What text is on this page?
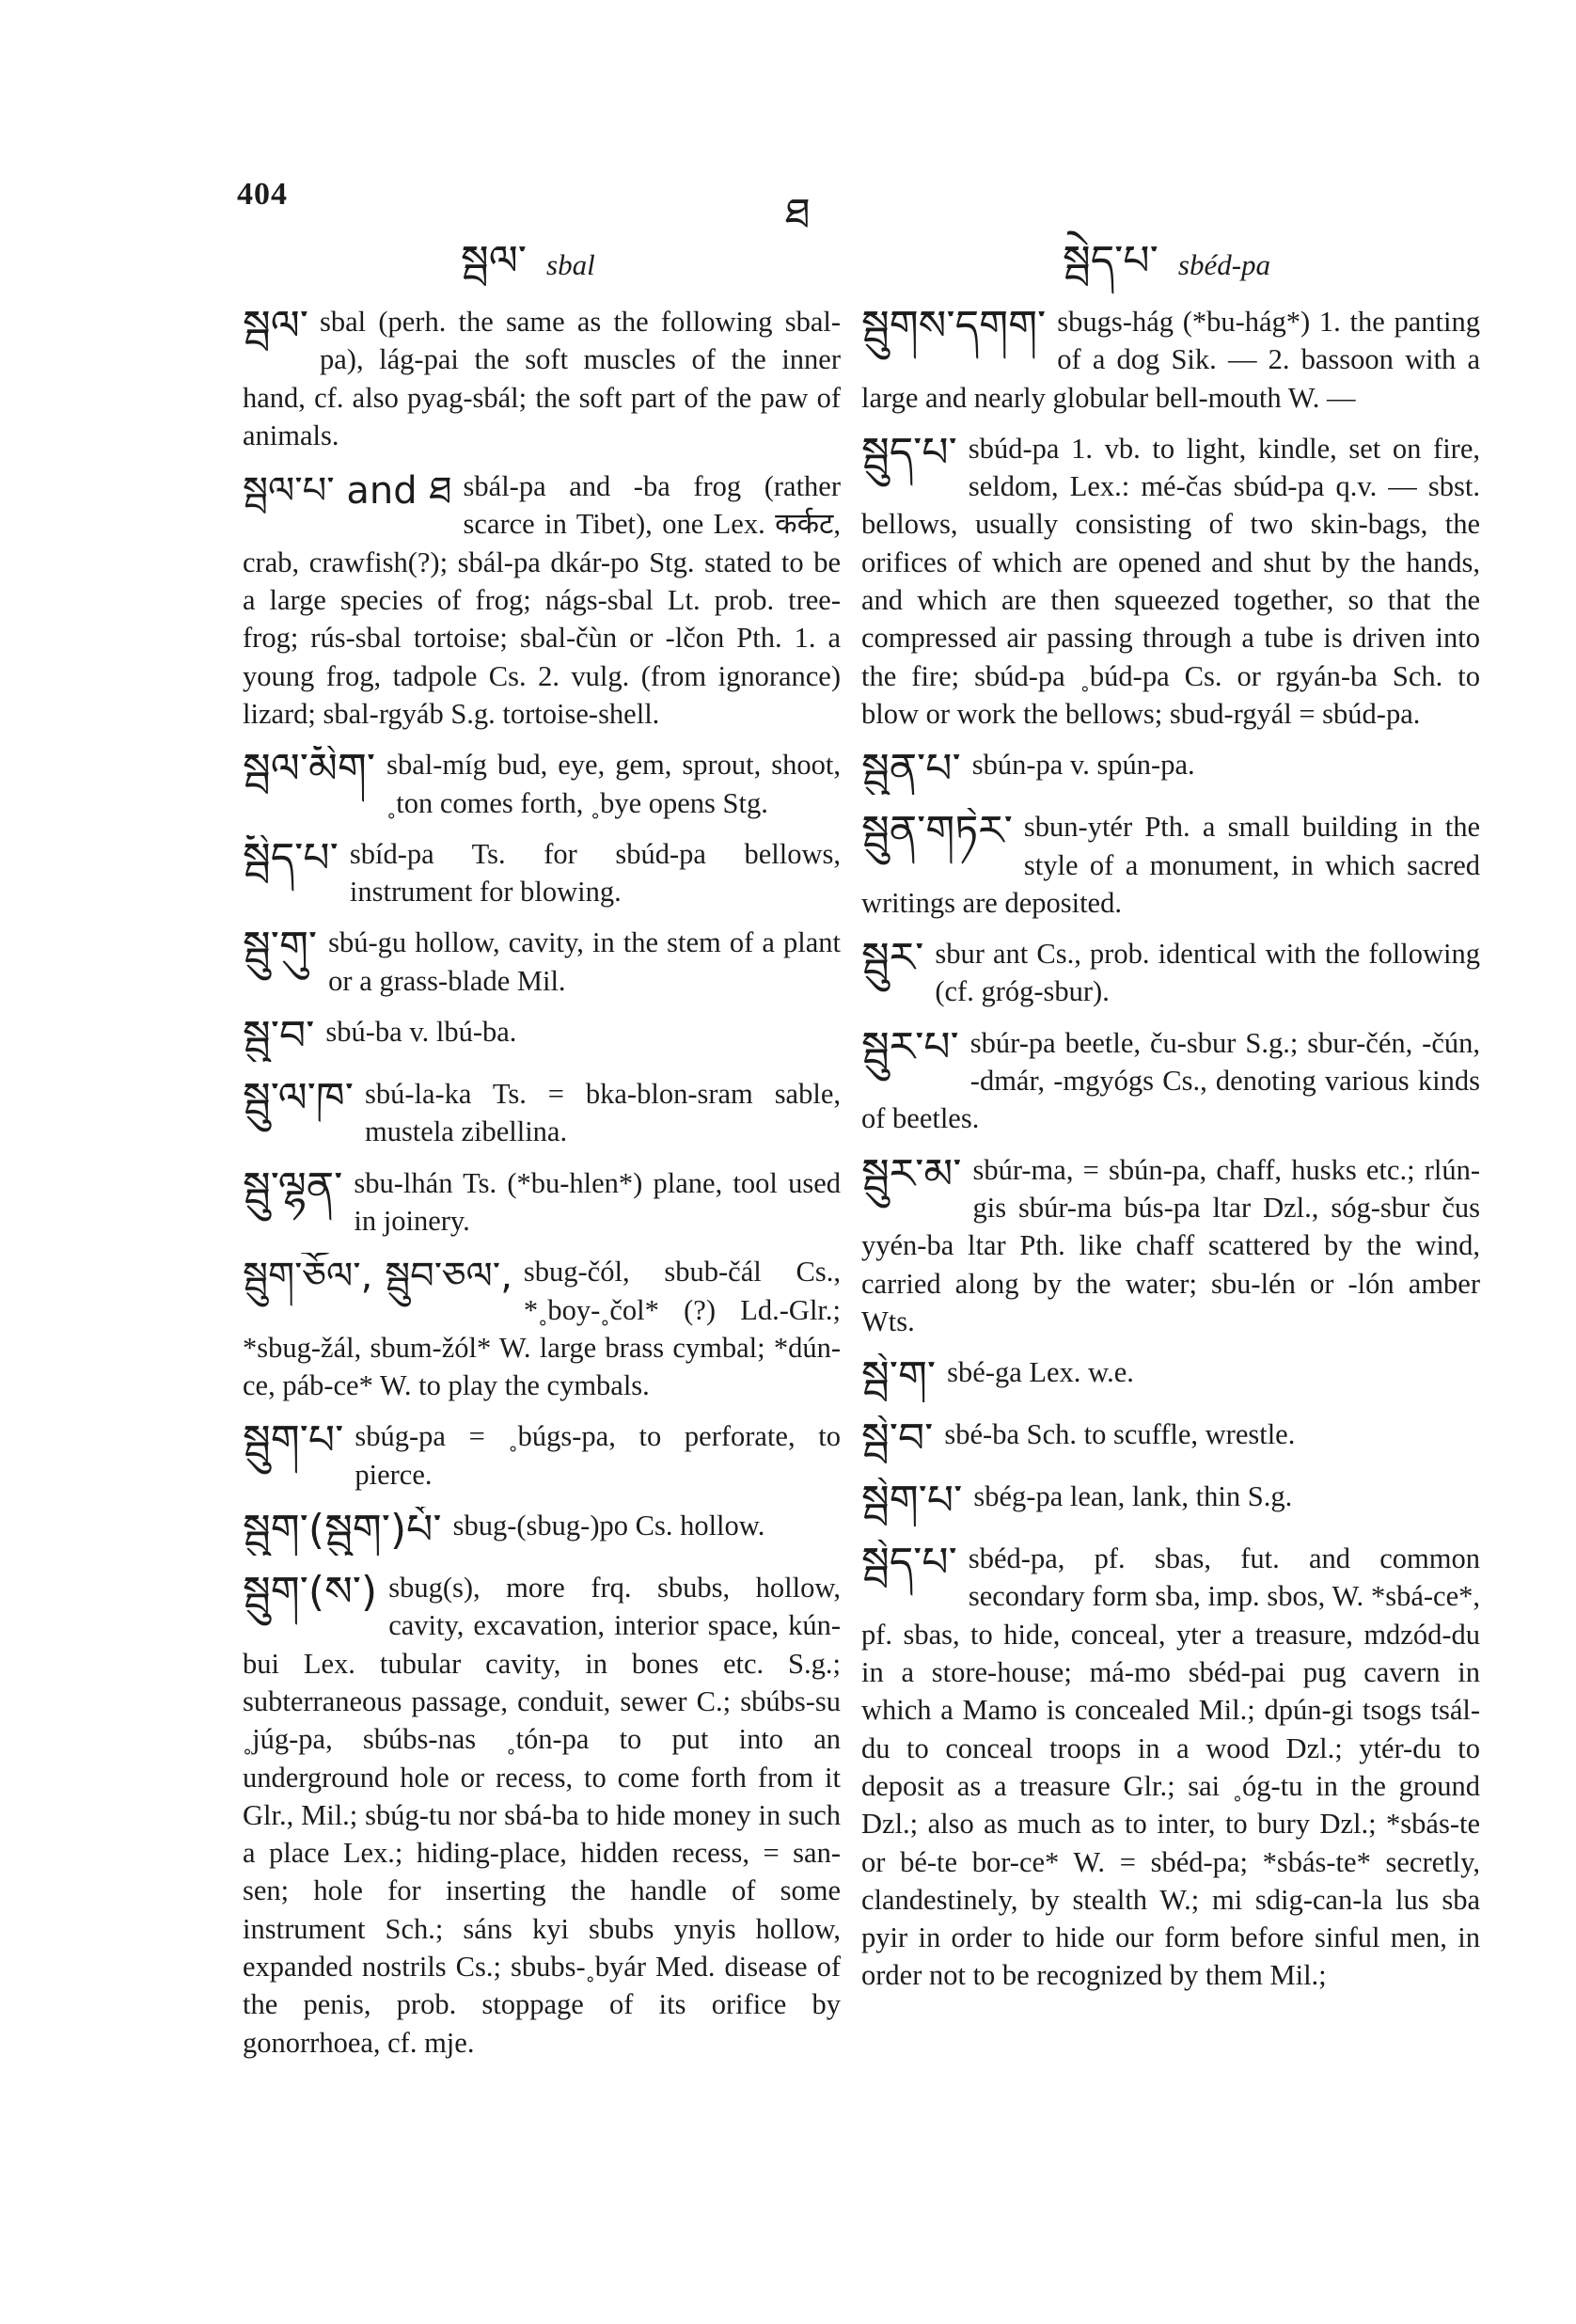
404	ཐ
སྦལ་ sbal	སྦེད་པ་ sbéd-pa
སྦལ་ sbal (perh. the same as the following sbal-pa), lág-pai the soft muscles of the inner hand, cf. also pyag-sbál; the soft part of the paw of animals.
སྦལ་པ་ and ཐ sbál-pa and -ba frog (rather scarce in Tibet), one Lex. कर्कट, crab, crawfish(?); sbál-pa dkár-po Stg. stated to be a large species of frog; nágs-sbal Lt. prob. tree-frog; rús-sbal tortoise; sbal-čùn or -lčon Pth. 1. a young frog, tadpole Cs. 2. vulg. (from ignorance) lizard; sbal-rgyáb S.g. tortoise-shell.
སྦལ་མིག་ sbal-míg bud, eye, gem, sprout, shoot, ˳ton comes forth, ˳bye opens Stg.
སྦིད་པ་ sbíd-pa Ts. for sbúd-pa bellows, instrument for blowing.
སྦུ་གུ་ sbú-gu hollow, cavity, in the stem of a plant or a grass-blade Mil.
སྦུ་བ་ sbú-ba v. lbú-ba.
སྦུ་ལ་ཁ་ sbú-la-ka Ts. = bka-blon-sram sable, mustela zibellina.
སྦུ་ལྷན་ sbu-lhán Ts. (*bu-hlen*) plane, tool used in joinery.
སྦུག་ཅོལ་, སྦུབ་ཅལ་, sbug-čól, sbub-čál Cs., *˳boy-˳čol* (?) Ld.-Glr.; *sbug-žál, sbum-žól* W. large brass cymbal; *dún-ce, páb-ce* W. to play the cymbals.
སྦུག་པ་ sbúg-pa = ˳búgs-pa, to perforate, to pierce.
སྦུག་(སྦུག་)པོ་ sbug-(sbug-)po Cs. hollow.
སྦུག་(ས་) sbug(s), more frq. sbubs, hollow, cavity, excavation, interior space, kún-bui Lex. tubular cavity, in bones etc. S.g.; subterraneous passage, conduit, sewer C.; sbúbs-su ˳júg-pa, sbúbs-nas ˳tón-pa to put into an underground hole or recess, to come forth from it Glr., Mil.; sbúg-tu nor sbá-ba to hide money in such a place Lex.; hiding-place, hidden recess, = san-sen; hole for inserting the handle of some instrument Sch.; sáns kyi sbubs ynyis hollow, expanded nostrils Cs.; sbubs-˳byár Med. disease of the penis, prob. stoppage of its orifice by gonorrhoea, cf. mje.
སྦུགས་དགག་ sbugs-hág (*bu-hág*) 1. the panting of a dog Sik. — 2. bassoon with a large and nearly globular bell-mouth W. —
སྦུད་པ་ sbúd-pa 1. vb. to light, kindle, set on fire, seldom, Lex.: mé-čas sbúd-pa q.v. — sbst. bellows, usually consisting of two skin-bags, the orifices of which are opened and shut by the hands, and which are then squeezed together, so that the compressed air passing through a tube is driven into the fire; sbúd-pa ˳búd-pa Cs. or rgyán-ba Sch. to blow or work the bellows; sbud-rgyál = sbúd-pa.
སྦུན་པ་ sbún-pa v. spún-pa.
སྦུན་གཏེར་ sbun-ytér Pth. a small building in the style of a monument, in which sacred writings are deposited.
སྦུར་ sbur ant Cs., prob. identical with the following (cf. gróg-sbur).
སྦུར་པ་ sbúr-pa beetle, ču-sbur S.g.; sbur-čén, -čún, -dmár, -mgyógs Cs., denoting various kinds of beetles.
སྦུར་མ་ sbúr-ma, = sbún-pa, chaff, husks etc.; rlún-gis sbúr-ma bús-pa ltar Dzl., sóg-sbur čus yyén-ba ltar Pth. like chaff scattered by the wind, carried along by the water; sbu-lén or -lón amber Wts.
སྦེ་ག་ sbé-ga Lex. w.e.
སྦེ་བ་ sbé-ba Sch. to scuffle, wrestle.
སྦེག་པ་ sbég-pa lean, lank, thin S.g.
སྦེད་པ་ sbéd-pa, pf. sbas, fut. and common secondary form sba, imp. sbos, W. *sbá-ce*, pf. sbas, to hide, conceal, yter a treasure, mdzód-du in a store-house; má-mo sbéd-pai pug cavern in which a Mamo is concealed Mil.; dpún-gi tsogs tsál-du to conceal troops in a wood Dzl.; ytér-du to deposit as a treasure Glr.; sai ˳óg-tu in the ground Dzl.; also as much as to inter, to bury Dzl.; *sbás-te or bé-te bor-ce* W. = sbéd-pa; *sbás-te* secretly, clandestinely, by stealth W.; mi sdig-can-la lus sba pyir in order to hide our form before sinful men, in order not to be recognized by them Mil.;
